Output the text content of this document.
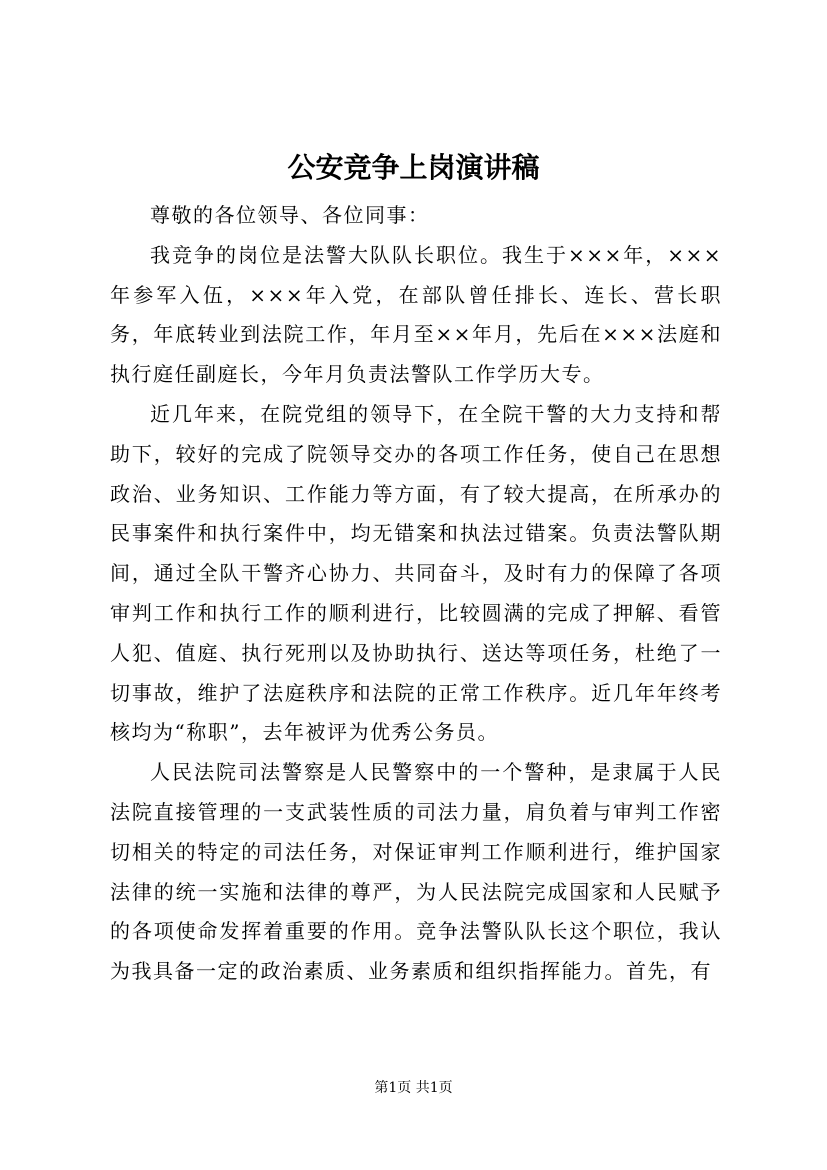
公安竞争上岗演讲稿

尊敬的各位领导、各位同事：

我竞争的岗位是法警大队队长职位。我生于×××年，×××年参军入伍，×××年入党，在部队曾任排长、连长、营长职务，年底转业到法院工作，年月至××年月，先后在×××法庭和执行庭任副庭长，今年月负责法警队工作学历大专。

近几年来，在院党组的领导下，在全院干警的大力支持和帮助下，较好的完成了院领导交办的各项工作任务，使自己在思想政治、业务知识、工作能力等方面，有了较大提高，在所承办的民事案件和执行案件中，均无错案和执法过错案。负责法警队期间，通过全队干警齐心协力、共同奋斗，及时有力的保障了各项审判工作和执行工作的顺利进行，比较圆满的完成了押解、看管人犯、值庭、执行死刑以及协助执行、送达等项任务，杜绝了一切事故，维护了法庭秩序和法院的正常工作秩序。近几年年终考核均为“称职”，去年被评为优秀公务员。

人民法院司法警察是人民警察中的一个警种，是隶属于人民法院直接管理的一支武装性质的司法力量，肩负着与审判工作密切相关的特定的司法任务，对保证审判工作顺利进行，维护国家法律的统一实施和法律的尊严，为人民法院完成国家和人民赋予的各项使命发挥着重要的作用。竞争法警队队长这个职位，我认为我具备一定的政治素质、业务素质和组织指挥能力。首先，有

第1页 共1页
